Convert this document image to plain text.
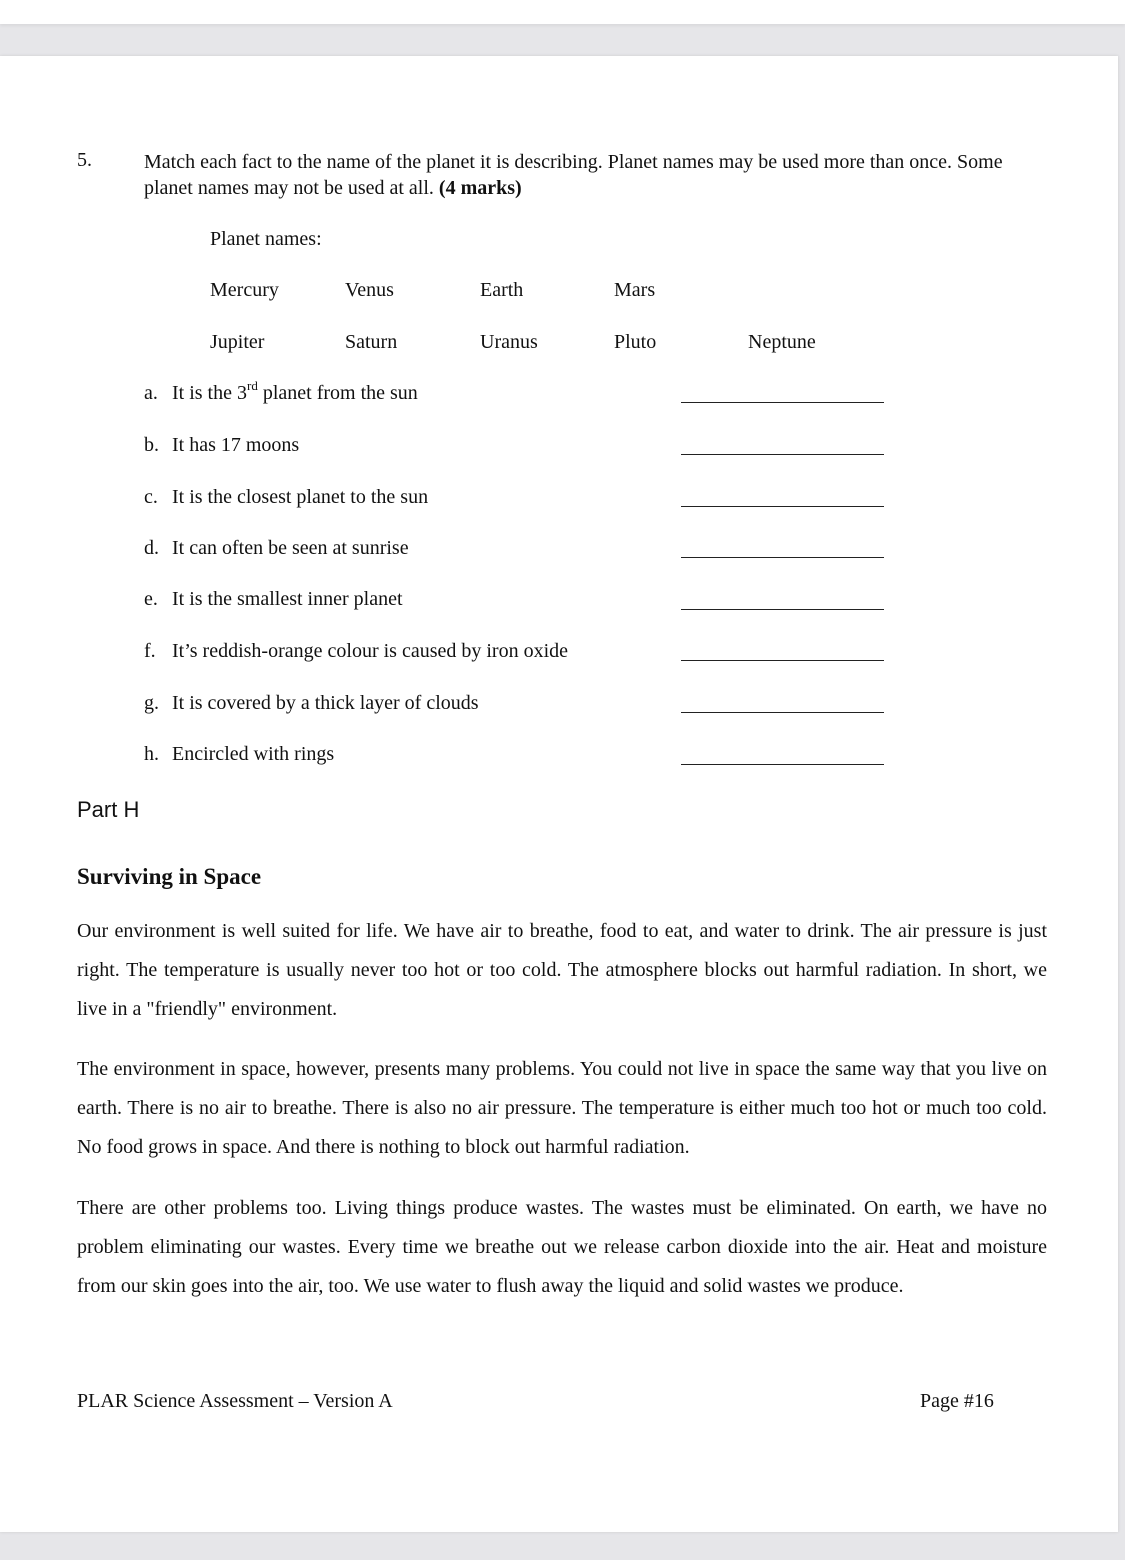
5.	Match each fact to the name of the planet it is describing. Planet names may be used more than once. Some planet names may not be used at all. (4 marks)
Planet names:
Mercury	Venus	Earth	Mars
Jupiter	Saturn	Uranus	Pluto	Neptune
a. It is the 3rd planet from the sun
b. It has 17 moons
c. It is the closest planet to the sun
d. It can often be seen at sunrise
e. It is the smallest inner planet
f. It’s reddish-orange colour is caused by iron oxide
g. It is covered by a thick layer of clouds
h. Encircled with rings
Part H
Surviving in Space
Our environment is well suited for life. We have air to breathe, food to eat, and water to drink. The air pressure is just right. The temperature is usually never too hot or too cold. The atmosphere blocks out harmful radiation. In short, we live in a "friendly" environment.
The environment in space, however, presents many problems. You could not live in space the same way that you live on earth. There is no air to breathe. There is also no air pressure. The temperature is either much too hot or much too cold. No food grows in space. And there is nothing to block out harmful radiation.
There are other problems too. Living things produce wastes. The wastes must be eliminated. On earth, we have no problem eliminating our wastes. Every time we breathe out we release carbon dioxide into the air. Heat and moisture from our skin goes into the air, too. We use water to flush away the liquid and solid wastes we produce.
PLAR Science Assessment – Version A	Page #16
